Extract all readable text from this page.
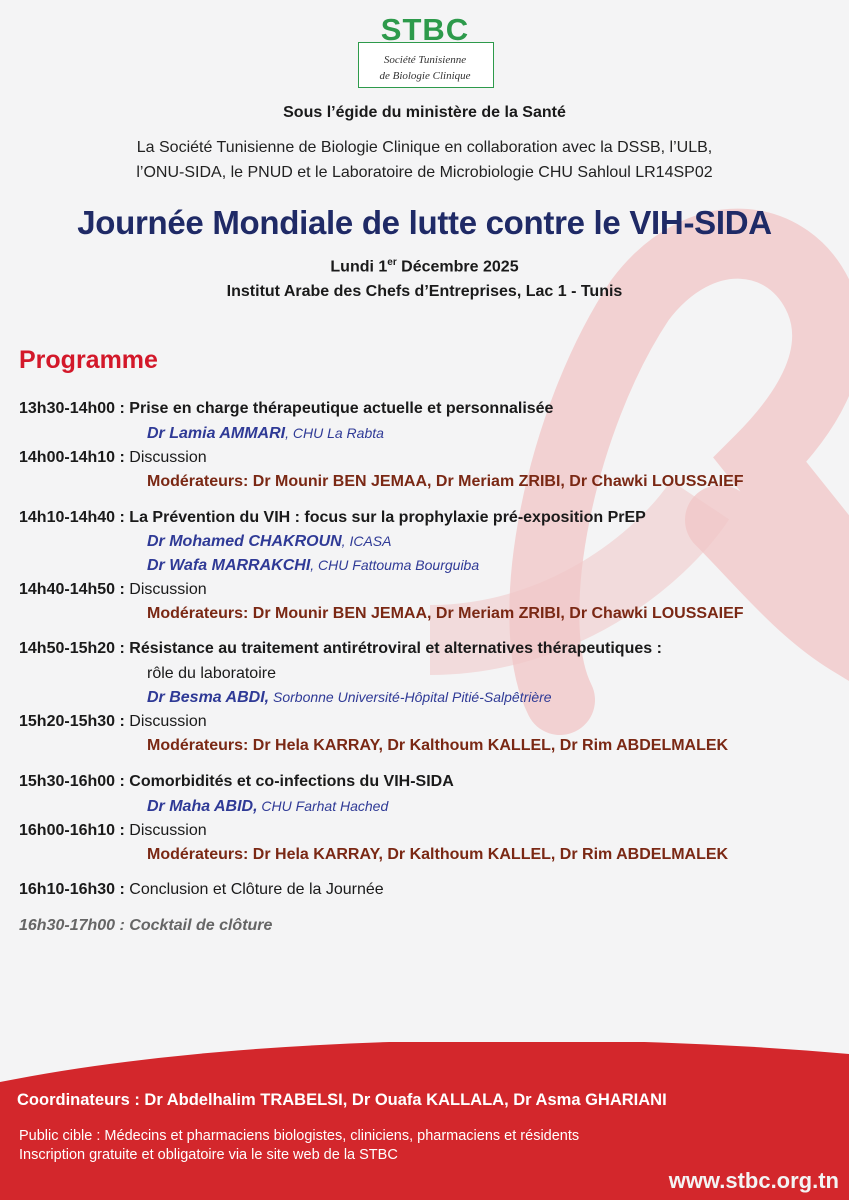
STBC
Société Tunisienne
de Biologie Clinique
Sous l’égide du ministère de la Santé
La Société Tunisienne de Biologie Clinique en collaboration avec la DSSB, l’ULB,
l’ONU-SIDA, le PNUD et le Laboratoire de Microbiologie CHU Sahloul LR14SP02
Journée Mondiale de lutte contre le VIH-SIDA
Lundi 1er Décembre 2025
Institut Arabe des Chefs d’Entreprises, Lac 1 - Tunis
Programme
13h30-14h00 : Prise en charge thérapeutique actuelle et personnalisée
Dr Lamia AMMARI, CHU La Rabta
14h00-14h10 : Discussion
Modérateurs: Dr Mounir BEN JEMAA, Dr Meriam ZRIBI, Dr Chawki LOUSSAIEF
14h10-14h40 : La Prévention du VIH : focus sur la prophylaxie pré-exposition PrEP
Dr Mohamed CHAKROUN, ICASA
Dr Wafa MARRAKCHI, CHU Fattouma Bourguiba
14h40-14h50 : Discussion
Modérateurs: Dr Mounir BEN JEMAA, Dr Meriam ZRIBI, Dr Chawki LOUSSAIEF
14h50-15h20 : Résistance au traitement antirétroviral et alternatives thérapeutiques :
rôle du laboratoire
Dr Besma ABDI, Sorbonne Université-Hôpital Pitié-Salpêtrière
15h20-15h30 : Discussion
Modérateurs: Dr Hela KARRAY, Dr Kalthoum KALLEL, Dr Rim ABDELMALEK
15h30-16h00 : Comorbidités et co-infections du VIH-SIDA
Dr Maha ABID, CHU Farhat Hached
16h00-16h10 : Discussion
Modérateurs: Dr Hela KARRAY, Dr Kalthoum KALLEL, Dr Rim ABDELMALEK
16h10-16h30 : Conclusion et Clôture de la Journée
16h30-17h00 : Cocktail de clôture
Coordinateurs : Dr Abdelhalim TRABELSI, Dr Ouafa KALLALA, Dr Asma GHARIANI
Public cible : Médecins et pharmaciens biologistes, cliniciens, pharmaciens et résidents
Inscription gratuite et obligatoire via le site web de la STBC
www.stbc.org.tn
